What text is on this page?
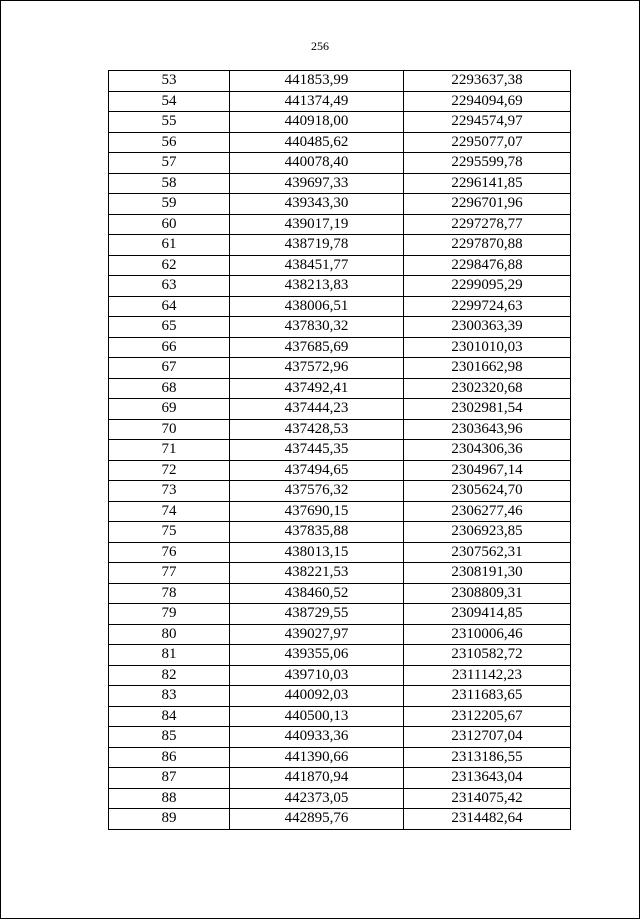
256
53	441853,99	2293637,38
54	441374,49	2294094,69
55	440918,00	2294574,97
56	440485,62	2295077,07
57	440078,40	2295599,78
58	439697,33	2296141,85
59	439343,30	2296701,96
60	439017,19	2297278,77
61	438719,78	2297870,88
62	438451,77	2298476,88
63	438213,83	2299095,29
64	438006,51	2299724,63
65	437830,32	2300363,39
66	437685,69	2301010,03
67	437572,96	2301662,98
68	437492,41	2302320,68
69	437444,23	2302981,54
70	437428,53	2303643,96
71	437445,35	2304306,36
72	437494,65	2304967,14
73	437576,32	2305624,70
74	437690,15	2306277,46
75	437835,88	2306923,85
76	438013,15	2307562,31
77	438221,53	2308191,30
78	438460,52	2308809,31
79	438729,55	2309414,85
80	439027,97	2310006,46
81	439355,06	2310582,72
82	439710,03	2311142,23
83	440092,03	2311683,65
84	440500,13	2312205,67
85	440933,36	2312707,04
86	441390,66	2313186,55
87	441870,94	2313643,04
88	442373,05	2314075,42
89	442895,76	2314482,64
